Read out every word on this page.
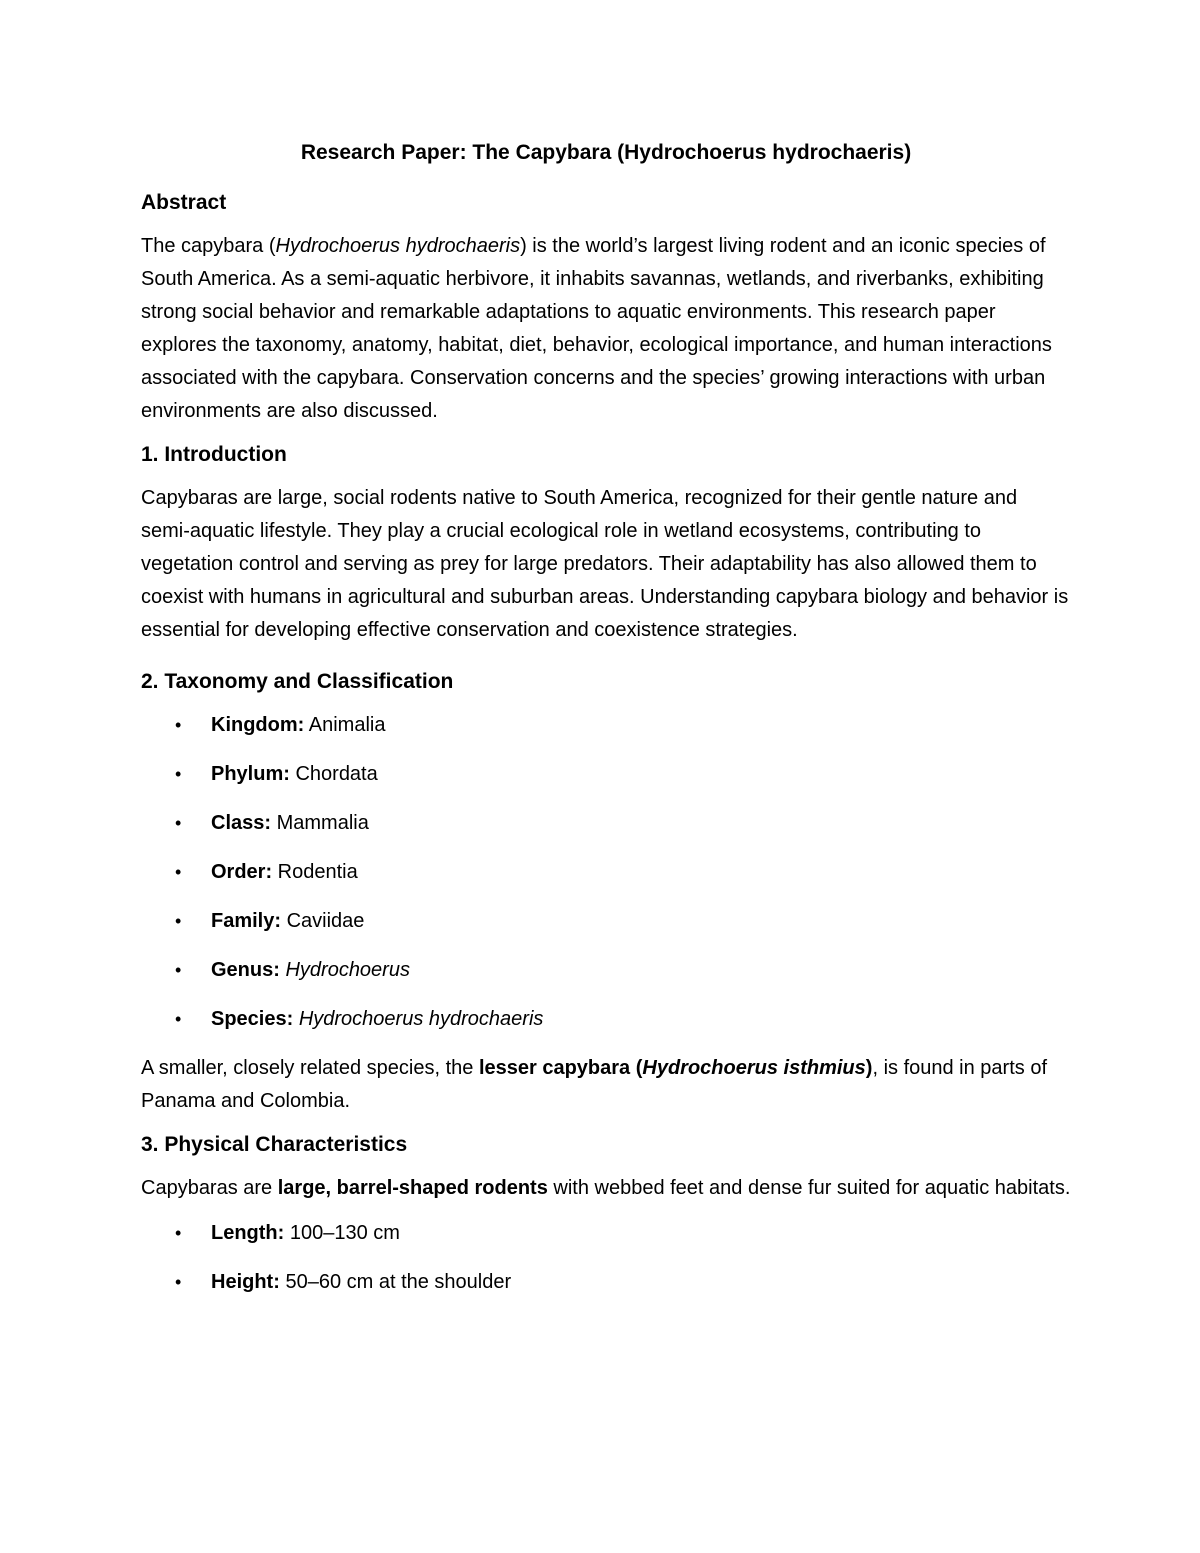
Research Paper: The Capybara (Hydrochoerus hydrochaeris)
Abstract

The capybara (Hydrochoerus hydrochaeris) is the world’s largest living rodent and an iconic species of South America. As a semi-aquatic herbivore, it inhabits savannas, wetlands, and riverbanks, exhibiting strong social behavior and remarkable adaptations to aquatic environments. This research paper explores the taxonomy, anatomy, habitat, diet, behavior, ecological importance, and human interactions associated with the capybara. Conservation concerns and the species’ growing interactions with urban environments are also discussed.

1. Introduction

Capybaras are large, social rodents native to South America, recognized for their gentle nature and semi-aquatic lifestyle. They play a crucial ecological role in wetland ecosystems, contributing to vegetation control and serving as prey for large predators. Their adaptability has also allowed them to coexist with humans in agricultural and suburban areas. Understanding capybara biology and behavior is essential for developing effective conservation and coexistence strategies.

2. Taxonomy and Classification
• Kingdom: Animalia
• Phylum: Chordata
• Class: Mammalia
• Order: Rodentia
• Family: Caviidae
• Genus: Hydrochoerus
• Species: Hydrochoerus hydrochaeris

A smaller, closely related species, the lesser capybara (Hydrochoerus isthmius), is found in parts of Panama and Colombia.

3. Physical Characteristics

Capybaras are large, barrel-shaped rodents with webbed feet and dense fur suited for aquatic habitats.

• Length: 100–130 cm
• Height: 50–60 cm at the shoulder
